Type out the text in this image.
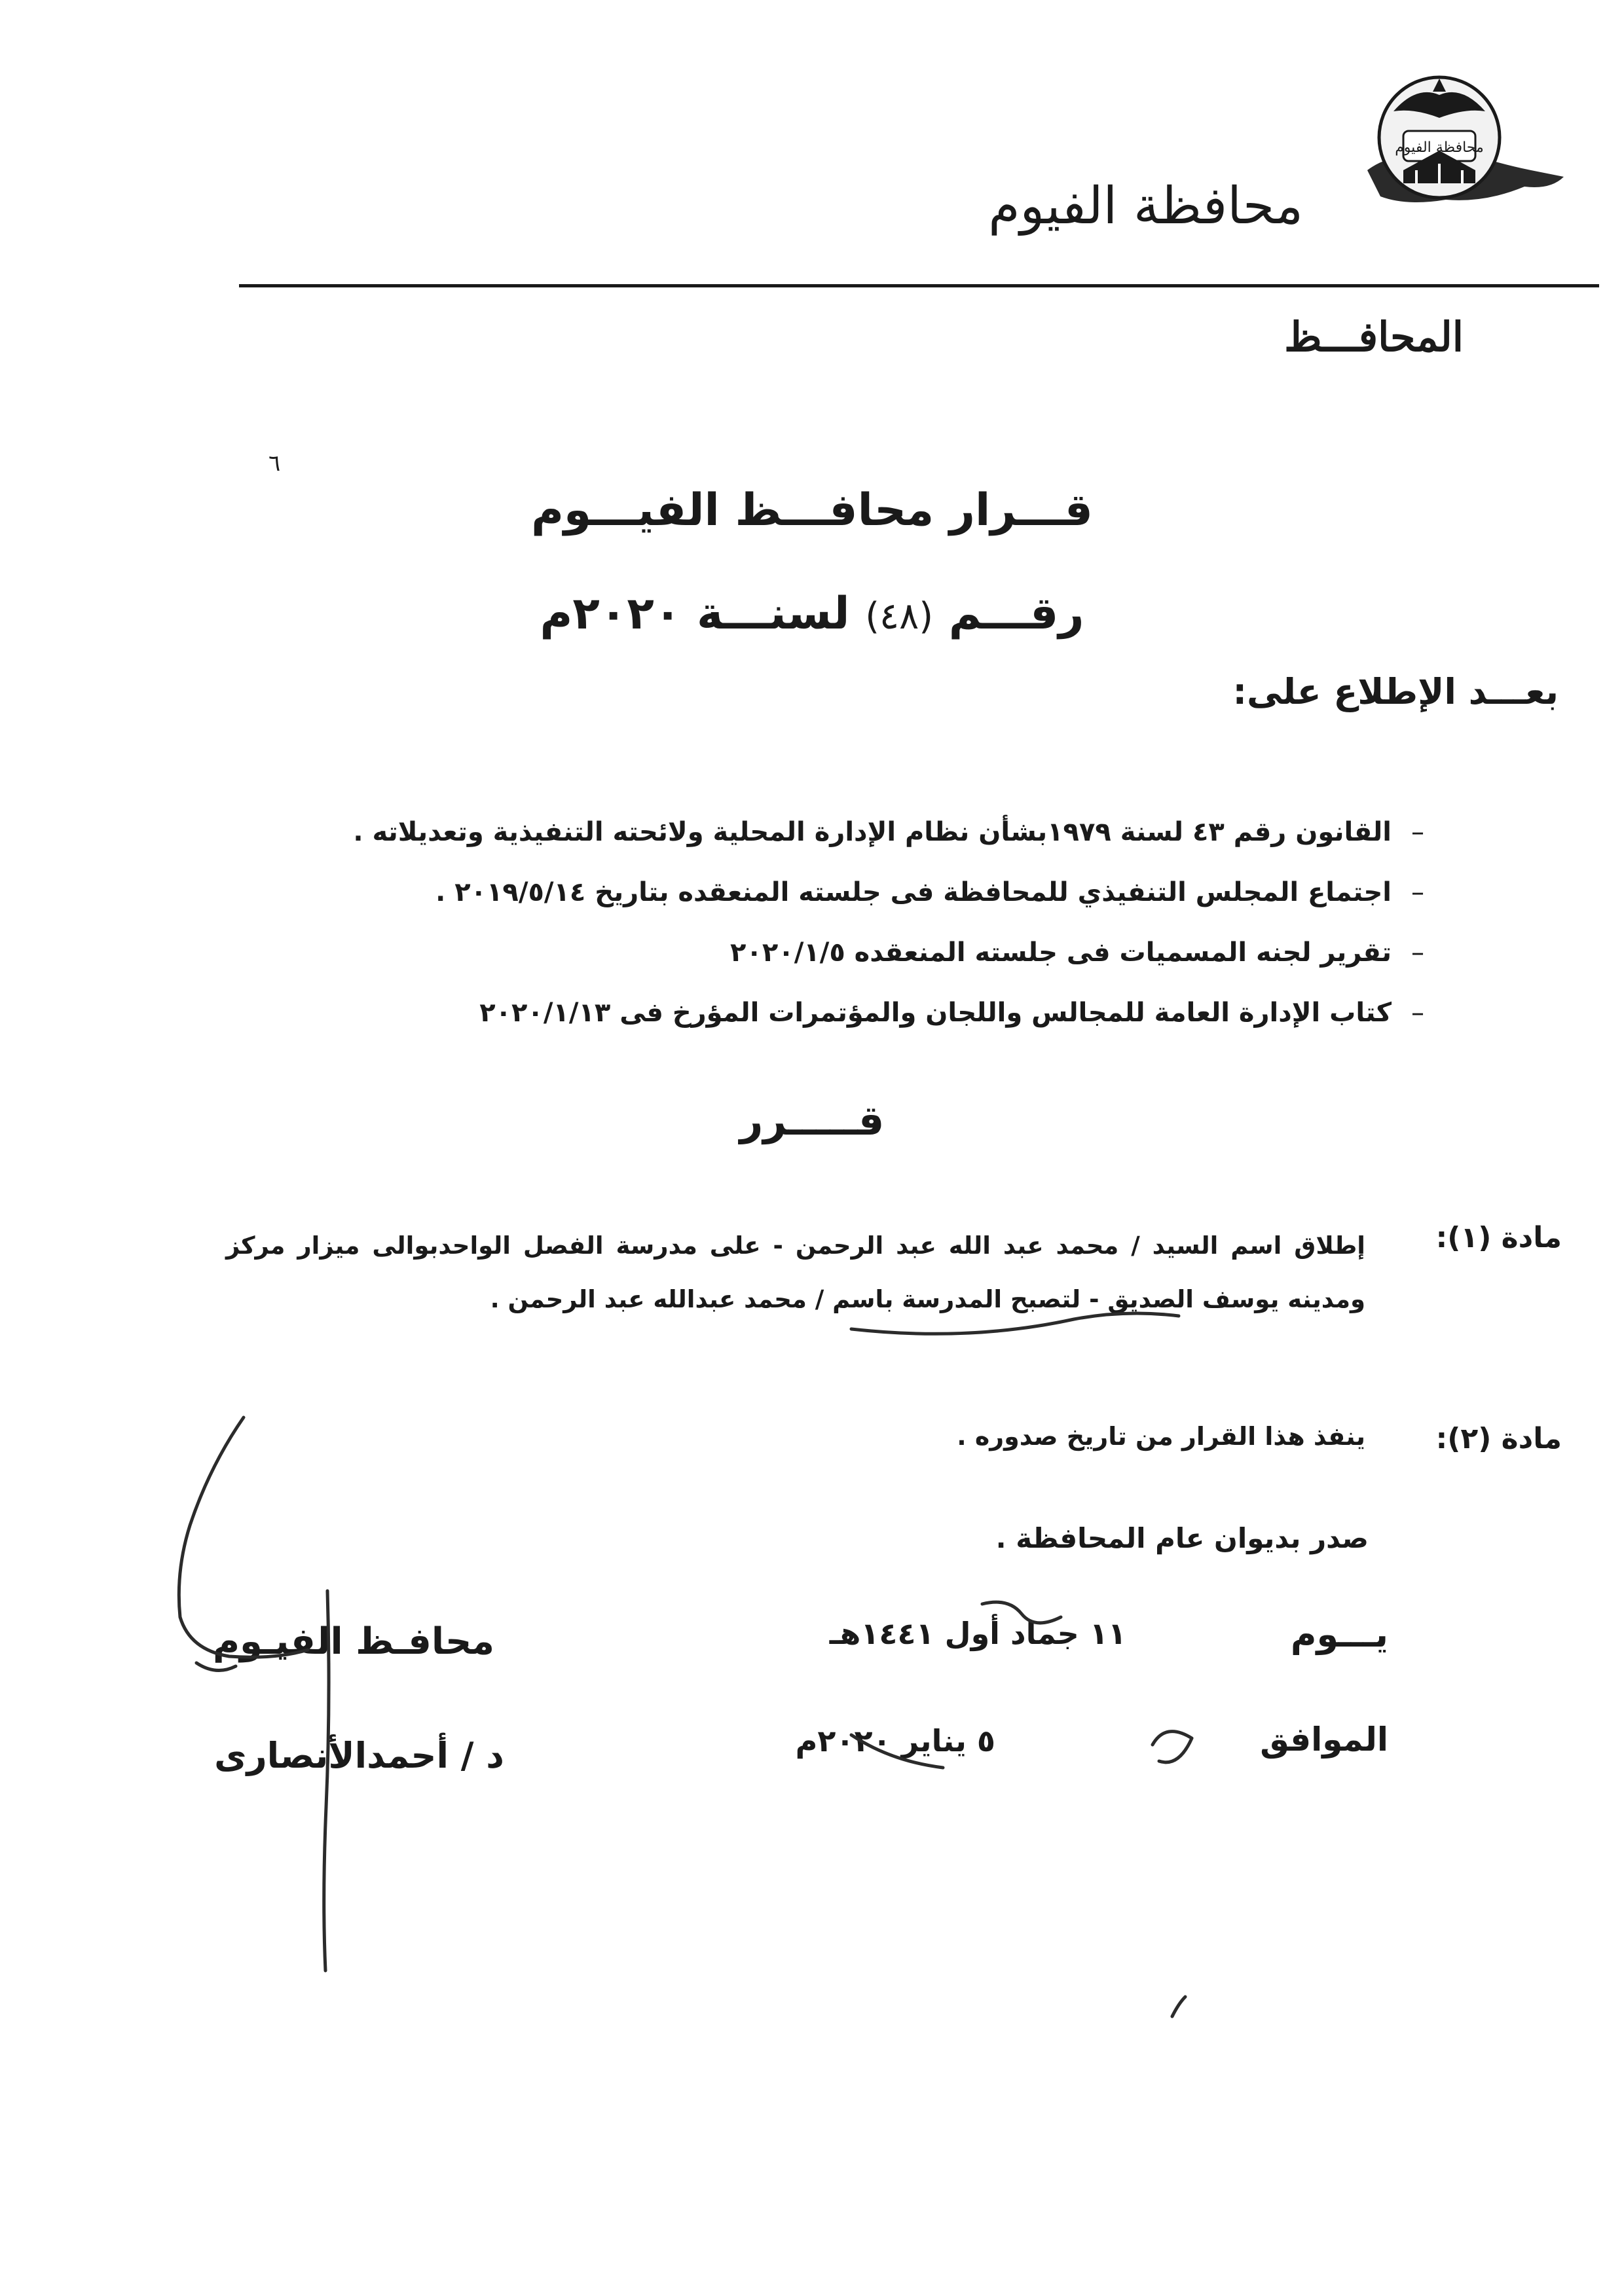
محافظة الفيوم
محافظة الفيوم
المحافـــظ
٦
قـــرار محافـــظ الفيـــوم
رقـــم (٤٨) لسنـــة ٢٠٢٠م
بعـــد الإطلاع على:
–القانون رقم ٤٣ لسنة ١٩٧٩بشأن نظام الإدارة المحلية ولائحته التنفيذية وتعديلاته .
–اجتماع المجلس التنفيذي للمحافظة فى جلسته المنعقده بتاريخ ٢٠١٩/٥/١٤ .
–تقرير لجنه المسميات فى جلسته المنعقده ٢٠٢٠/١/٥
–كتاب الإدارة العامة للمجالس واللجان والمؤتمرات المؤرخ فى ٢٠٢٠/١/١٣
قـــــرر
مادة (١):
إطلاق اسم السيد / محمد عبد الله عبد الرحمن - على مدرسة الفصل الواحدبوالى ميزار مركز ومدينه يوسف الصديق - لتصبح المدرسة باسم / محمد عبدالله عبد الرحمن .
مادة (٢):
ينفذ هذا القرار من تاريخ صدوره .
صدر بديوان عام المحافظة .
يـــوم
١١ جماد أول ١٤٤١هـ
الموافق
٥ يناير ٢٠٢٠م
محافـظ الفيـوم
د / أحمدالأنصارى
